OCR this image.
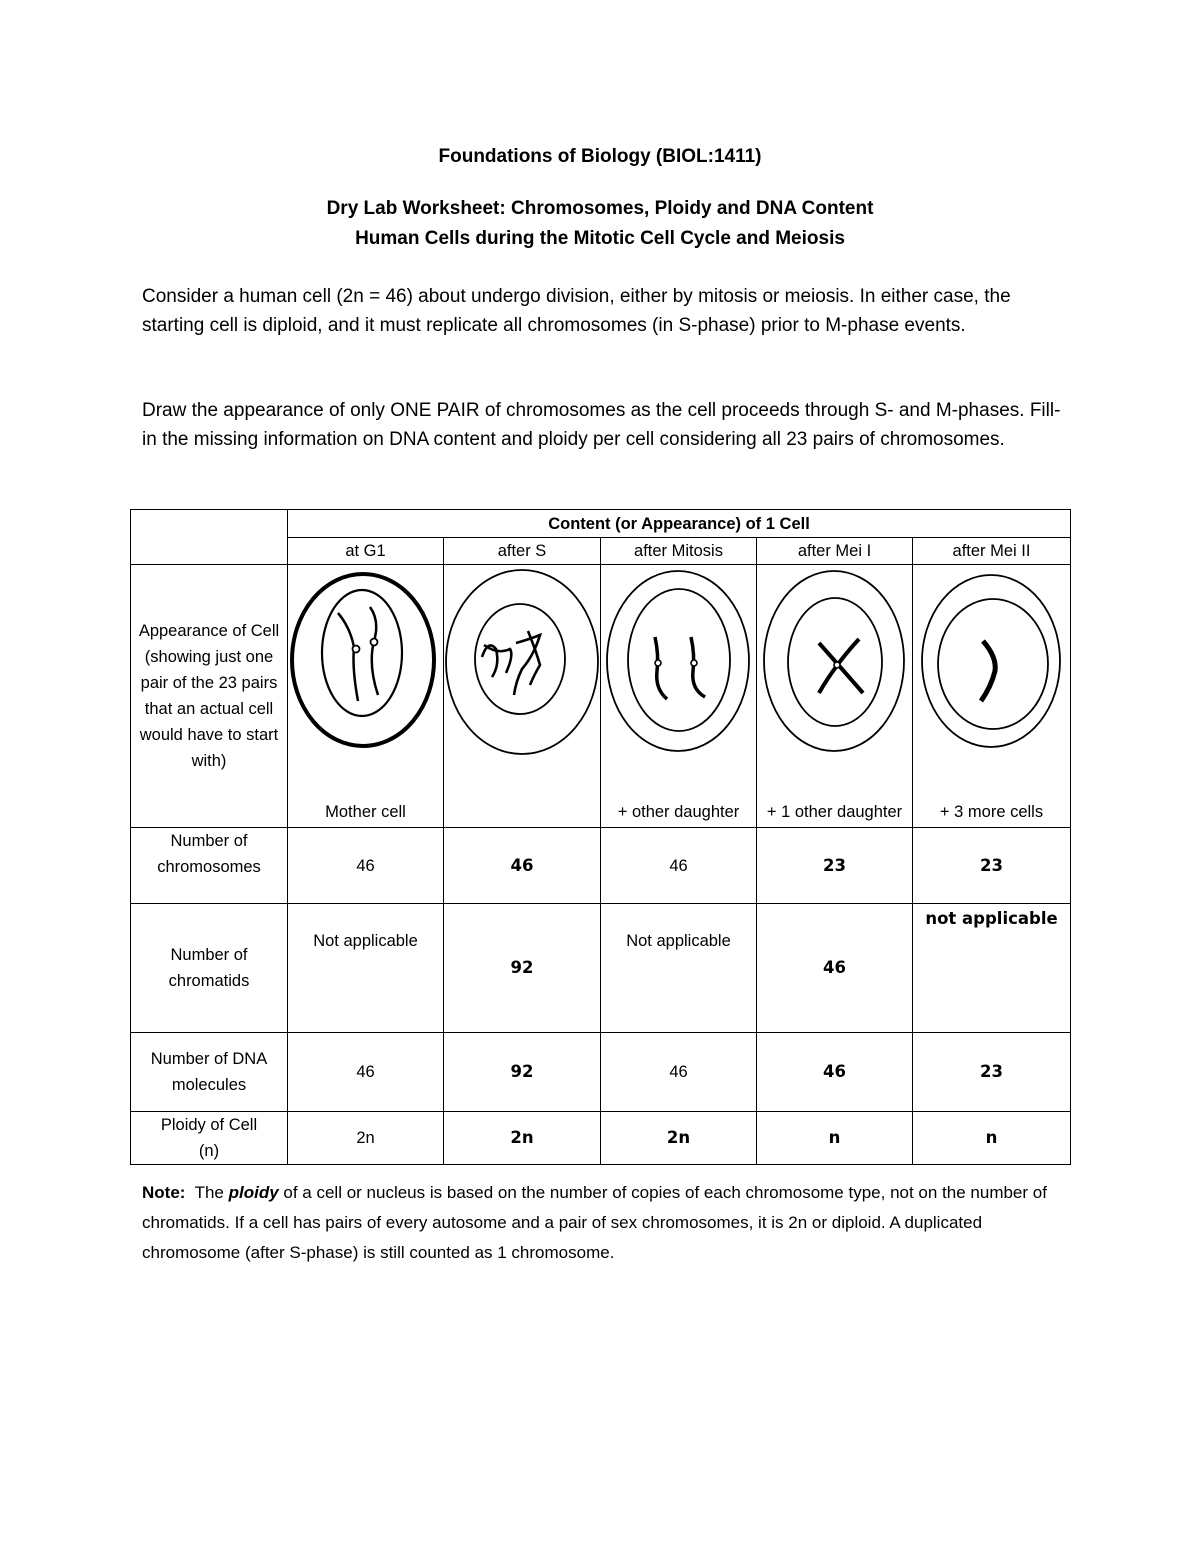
Foundations of Biology (BIOL:1411)
Dry Lab Worksheet: Chromosomes, Ploidy and DNA Content
Human Cells during the Mitotic Cell Cycle and Meiosis
Consider a human cell (2n = 46) about undergo division, either by mitosis or meiosis. In either case, the starting cell is diploid, and it must replicate all chromosomes (in S-phase) prior to M-phase events.
Draw the appearance of only ONE PAIR of chromosomes as the cell proceeds through S- and M-phases. Fill-in the missing information on DNA content and ploidy per cell considering all 23 pairs of chromosomes.
	Content (or Appearance) of 1 Cell				
	at G1	after S	after Mitosis	after Mei I	after Mei II
Appearance of Cell (showing just one pair of the 23 pairs that an actual cell would have to start with)	Mother cell		+ other daughter	+ 1 other daughter	+ 3 more cells

Number of chromosomes	46	46	46	23	23
Number of chromatids	Not applicable	92	Not applicable	46	not applicable
Number of DNA molecules	46	92	46	46	23
Ploidy of Cell (n)	2n	2n	2n	n	n
Note:  The ploidy of a cell or nucleus is based on the number of copies of each chromosome type, not on the number of chromatids. If a cell has pairs of every autosome and a pair of sex chromosomes, it is 2n or diploid. A duplicated chromosome (after S-phase) is still counted as 1 chromosome.
